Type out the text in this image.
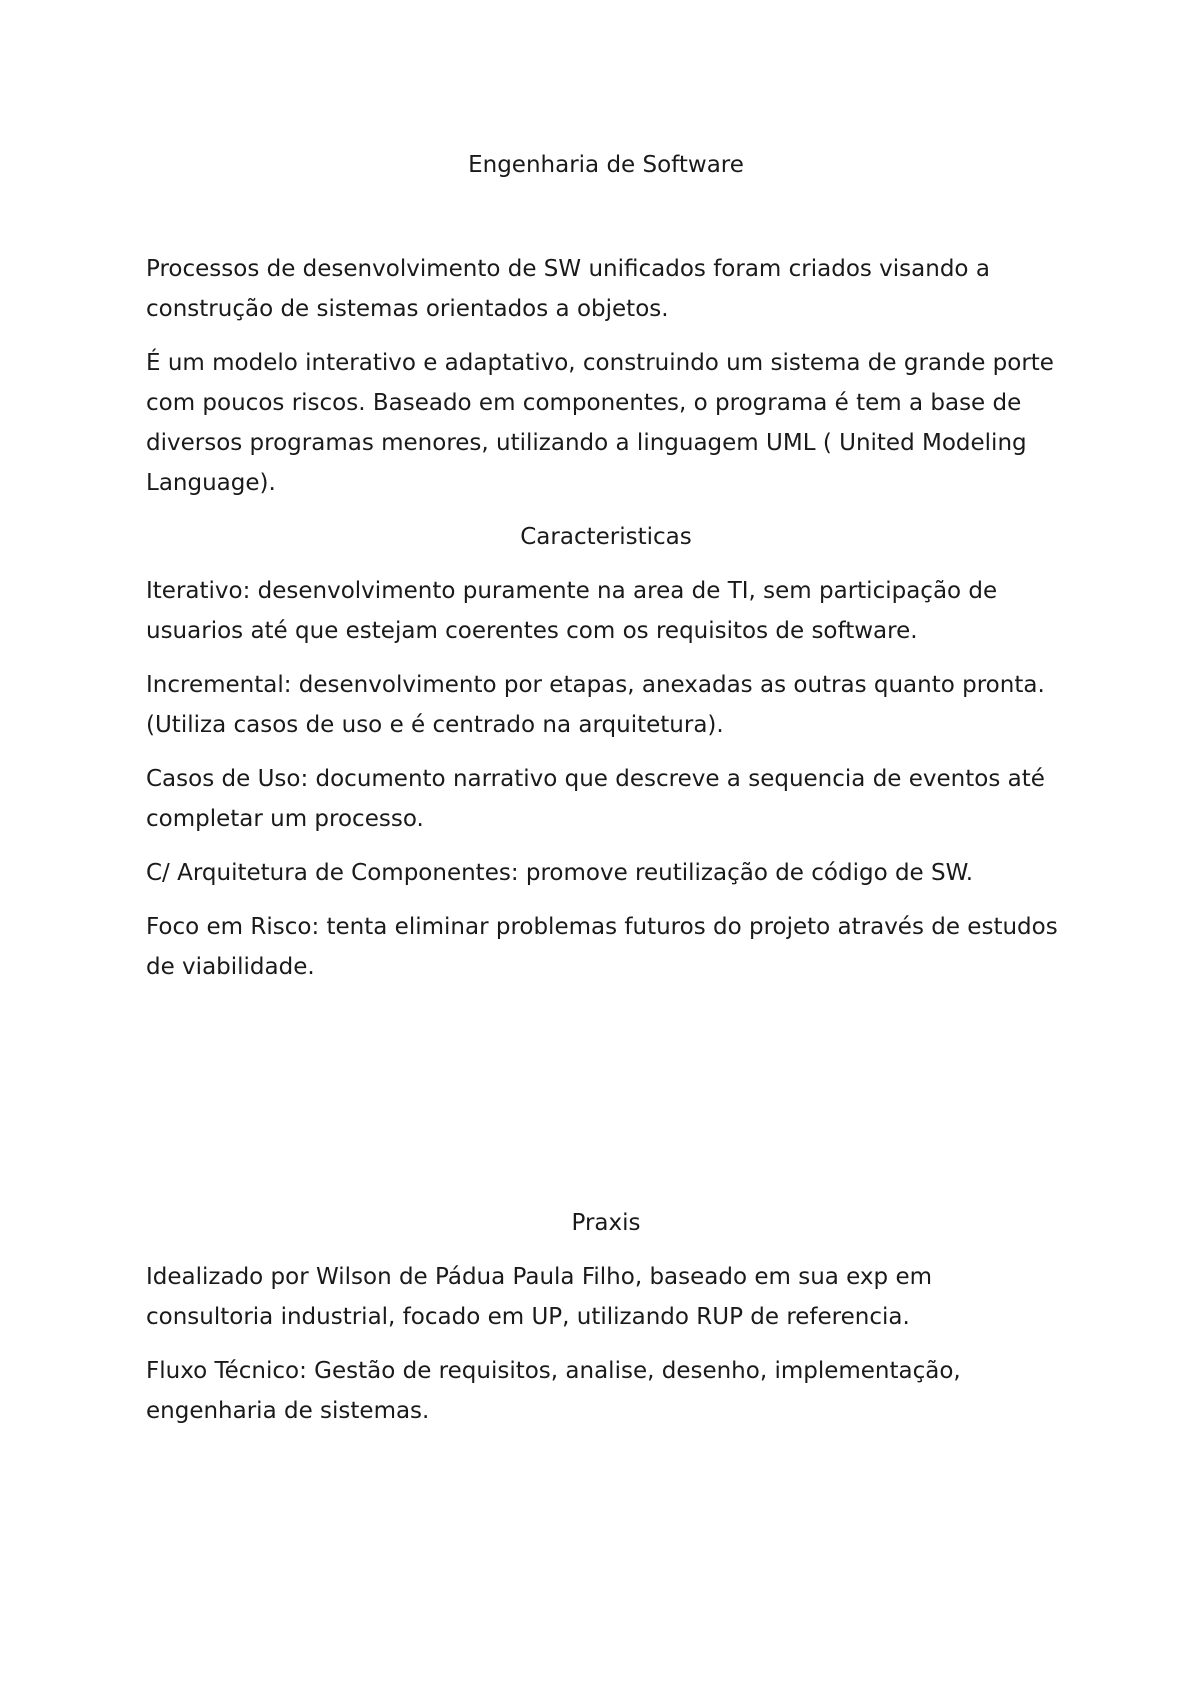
Engenharia de Software

Processos de desenvolvimento de SW unificados foram criados visando a construção de sistemas orientados a objetos.

É um modelo interativo e adaptativo, construindo um sistema de grande porte com poucos riscos. Baseado em componentes, o programa é tem a base de diversos programas menores, utilizando a linguagem UML ( United Modeling Language).

Caracteristicas

Iterativo: desenvolvimento puramente na area de TI, sem participação de usuarios até que estejam coerentes com os requisitos de software.

Incremental: desenvolvimento por etapas, anexadas as outras quanto pronta. (Utiliza casos de uso e é centrado na arquitetura).

Casos de Uso: documento narrativo que descreve a sequencia de eventos até completar um processo.

C/ Arquitetura de Componentes: promove reutilização de código de SW.

Foco em Risco: tenta eliminar problemas futuros do projeto através de estudos de viabilidade.

Praxis

Idealizado por Wilson de Pádua Paula Filho, baseado em sua exp em consultoria industrial, focado em UP, utilizando RUP de referencia.

Fluxo Técnico: Gestão de requisitos, analise, desenho, implementação, engenharia de sistemas.
